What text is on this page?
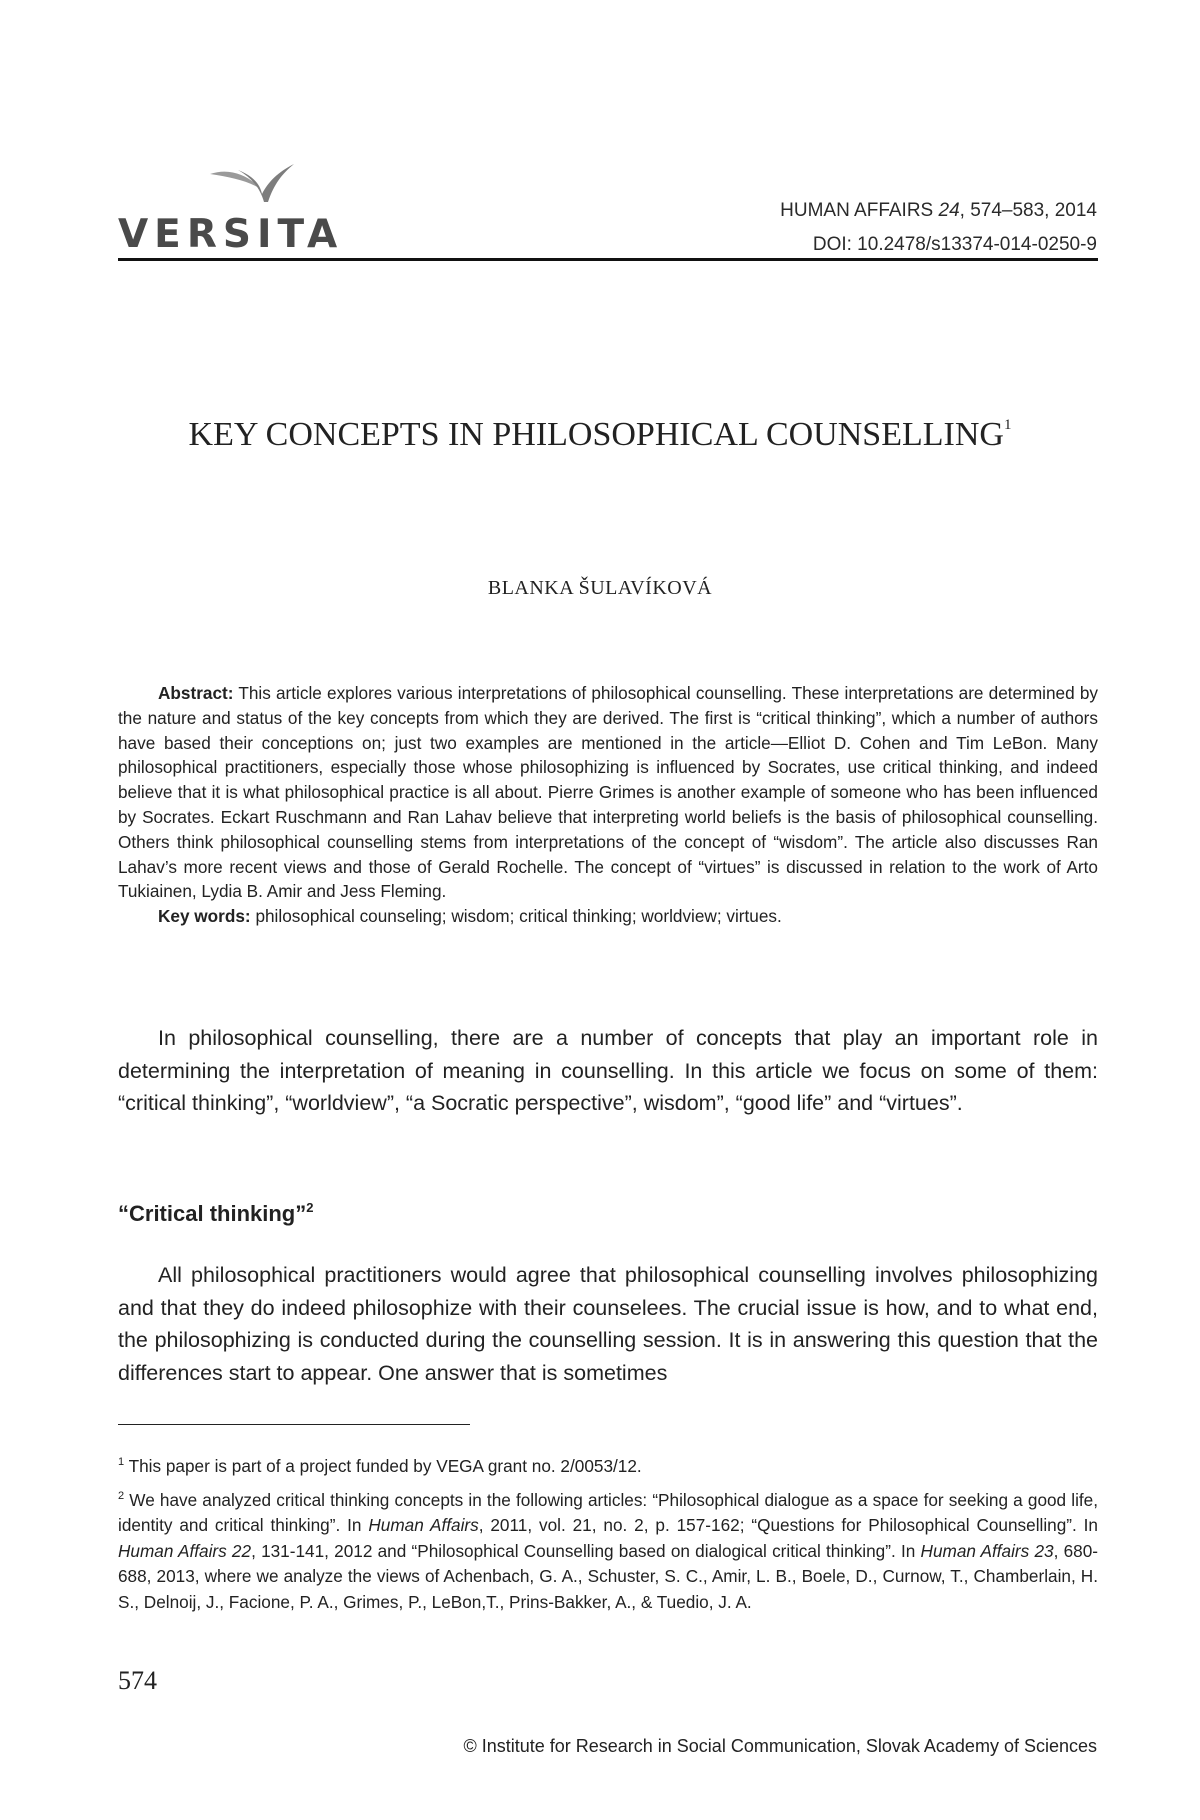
VERSITA
HUMAN AFFAIRS 24, 574–583, 2014
DOI: 10.2478/s13374-014-0250-9
KEY CONCEPTS IN PHILOSOPHICAL COUNSELLING$^1$
BLANKA ŠULAVÍKOVÁ

Abstract: This article explores various interpretations of philosophical counselling. These interpretations are determined by the nature and status of the key concepts from which they are derived. The first is “critical thinking”, which a number of authors have based their conceptions on; just two examples are mentioned in the article—Elliot D. Cohen and Tim LeBon. Many philosophical practitioners, especially those whose philosophizing is influenced by Socrates, use critical thinking, and indeed believe that it is what philosophical practice is all about. Pierre Grimes is another example of someone who has been influenced by Socrates. Eckart Ruschmann and Ran Lahav believe that interpreting world beliefs is the basis of philosophical counselling. Others think philosophical counselling stems from interpretations of the concept of “wisdom”. The article also discusses Ran Lahav’s more recent views and those of Gerald Rochelle. The concept of “virtues” is discussed in relation to the work of Arto Tukiainen, Lydia B. Amir and Jess Fleming.

Key words: philosophical counseling; wisdom; critical thinking; worldview; virtues.

In philosophical counselling, there are a number of concepts that play an important role in determining the interpretation of meaning in counselling. In this article we focus on some of them: “critical thinking”, “worldview”, “a Socratic perspective”, wisdom”, “good life” and “virtues”.

“Critical thinking”$^2$

All philosophical practitioners would agree that philosophical counselling involves philosophizing and that they do indeed philosophize with their counselees. The crucial issue is how, and to what end, the philosophizing is conducted during the counselling session. It is in answering this question that the differences start to appear. One answer that is sometimes

$^1$ This paper is part of a project funded by VEGA grant no. 2/0053/12.

$^2$ We have analyzed critical thinking concepts in the following articles: “Philosophical dialogue as a space for seeking a good life, identity and critical thinking”. In Human Affairs, 2011, vol. 21, no. 2, p. 157-162; “Questions for Philosophical Counselling”. In Human Affairs 22, 131-141, 2012 and “Philosophical Counselling based on dialogical critical thinking”. In Human Affairs 23, 680-688, 2013, where we analyze the views of Achenbach, G. A., Schuster, S. C., Amir, L. B., Boele, D., Curnow, T., Chamberlain, H. S., Delnoij, J., Facione, P. A., Grimes, P., LeBon,T., Prins-Bakker, A., & Tuedio, J. A.

574
© Institute for Research in Social Communication, Slovak Academy of Sciences
